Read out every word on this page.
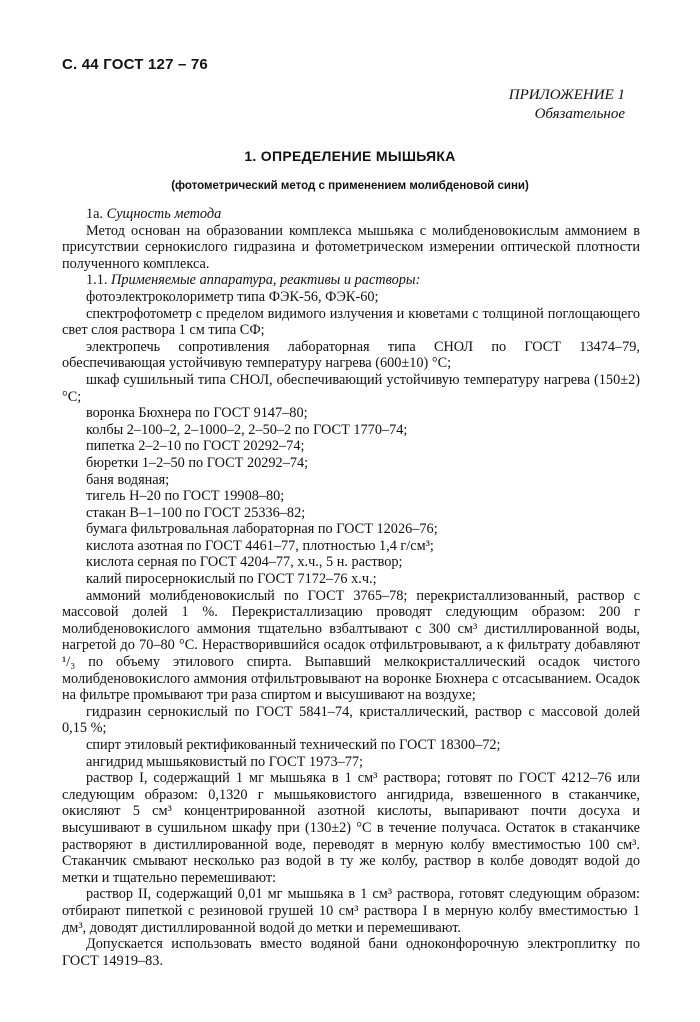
С. 44 ГОСТ 127 – 76
ПРИЛОЖЕНИЕ 1
Обязательное
1. ОПРЕДЕЛЕНИЕ МЫШЬЯКА
(фотометрический метод с применением молибденовой сини)

1а. Сущность метода

Метод основан на образовании комплекса мышьяка с молибденовокислым аммонием в присутствии сернокислого гидразина и фотометрическом измерении оптической плотности полученного комплекса.

1.1. Применяемые аппаратура, реактивы и растворы:

фотоэлектроколориметр типа ФЭК-56, ФЭК-60;

спектрофотометр с пределом видимого излучения и кюветами с толщиной поглощающего свет слоя раствора 1 см типа СФ;

электропечь сопротивления лабораторная типа СНОЛ по ГОСТ 13474–79, обеспечивающая устойчивую температуру нагрева (600±10) °С;

шкаф сушильный типа СНОЛ, обеспечивающий устойчивую температуру нагрева (150±2) °С;

воронка Бюхнера по ГОСТ 9147–80;

колбы 2–100–2, 2–1000–2, 2–50–2 по ГОСТ 1770–74;

пипетка 2–2–10 по ГОСТ 20292–74;

бюретки 1–2–50 по ГОСТ 20292–74;

баня водяная;

тигель Н–20 по ГОСТ 19908–80;

стакан В–1–100 по ГОСТ 25336–82;

бумага фильтровальная лабораторная по ГОСТ 12026–76;

кислота азотная по ГОСТ 4461–77, плотностью 1,4 г/см³;

кислота серная по ГОСТ 4204–77, х.ч., 5 н. раствор;

калий пиросернокислый по ГОСТ 7172–76 х.ч.;

аммоний молибденовокислый по ГОСТ 3765–78; перекристаллизованный, раствор с массовой долей 1 %. Перекристаллизацию проводят следующим образом: 200 г молибденовокислого аммония тщательно взбалтывают с 300 см³ дистиллированной воды, нагретой до 70–80 °С. Нерастворившийся осадок отфильтровывают, а к фильтрату добавляют ¹/₃ по объему этилового спирта. Выпавший мелкокристаллический осадок чистого молибденовокислого аммония отфильтровывают на воронке Бюхнера с отсасыванием. Осадок на фильтре промывают три раза спиртом и высушивают на воздухе;

гидразин сернокислый по ГОСТ 5841–74, кристаллический, раствор с массовой долей 0,15 %;

спирт этиловый ректификованный технический по ГОСТ 18300–72;

ангидрид мышьяковистый по ГОСТ 1973–77;

раствор I, содержащий 1 мг мышьяка в 1 см³ раствора; готовят по ГОСТ 4212–76 или следующим образом: 0,1320 г мышьяковистого ангидрида, взвешенного в стаканчике, окисляют 5 см³ концентрированной азотной кислоты, выпаривают почти досуха и высушивают в сушильном шкафу при (130±2) °С в течение получаса. Остаток в стаканчике растворяют в дистиллированной воде, переводят в мерную колбу вместимостью 100 см³. Стаканчик смывают несколько раз водой в ту же колбу, раствор в колбе доводят водой до метки и тщательно перемешивают:

раствор II, содержащий 0,01 мг мышьяка в 1 см³ раствора, готовят следующим образом: отбирают пипеткой с резиновой грушей 10 см³ раствора I в мерную колбу вместимостью 1 дм³, доводят дистиллированной водой до метки и перемешивают.

Допускается использовать вместо водяной бани одноконфорочную электроплитку по ГОСТ 14919–83.
